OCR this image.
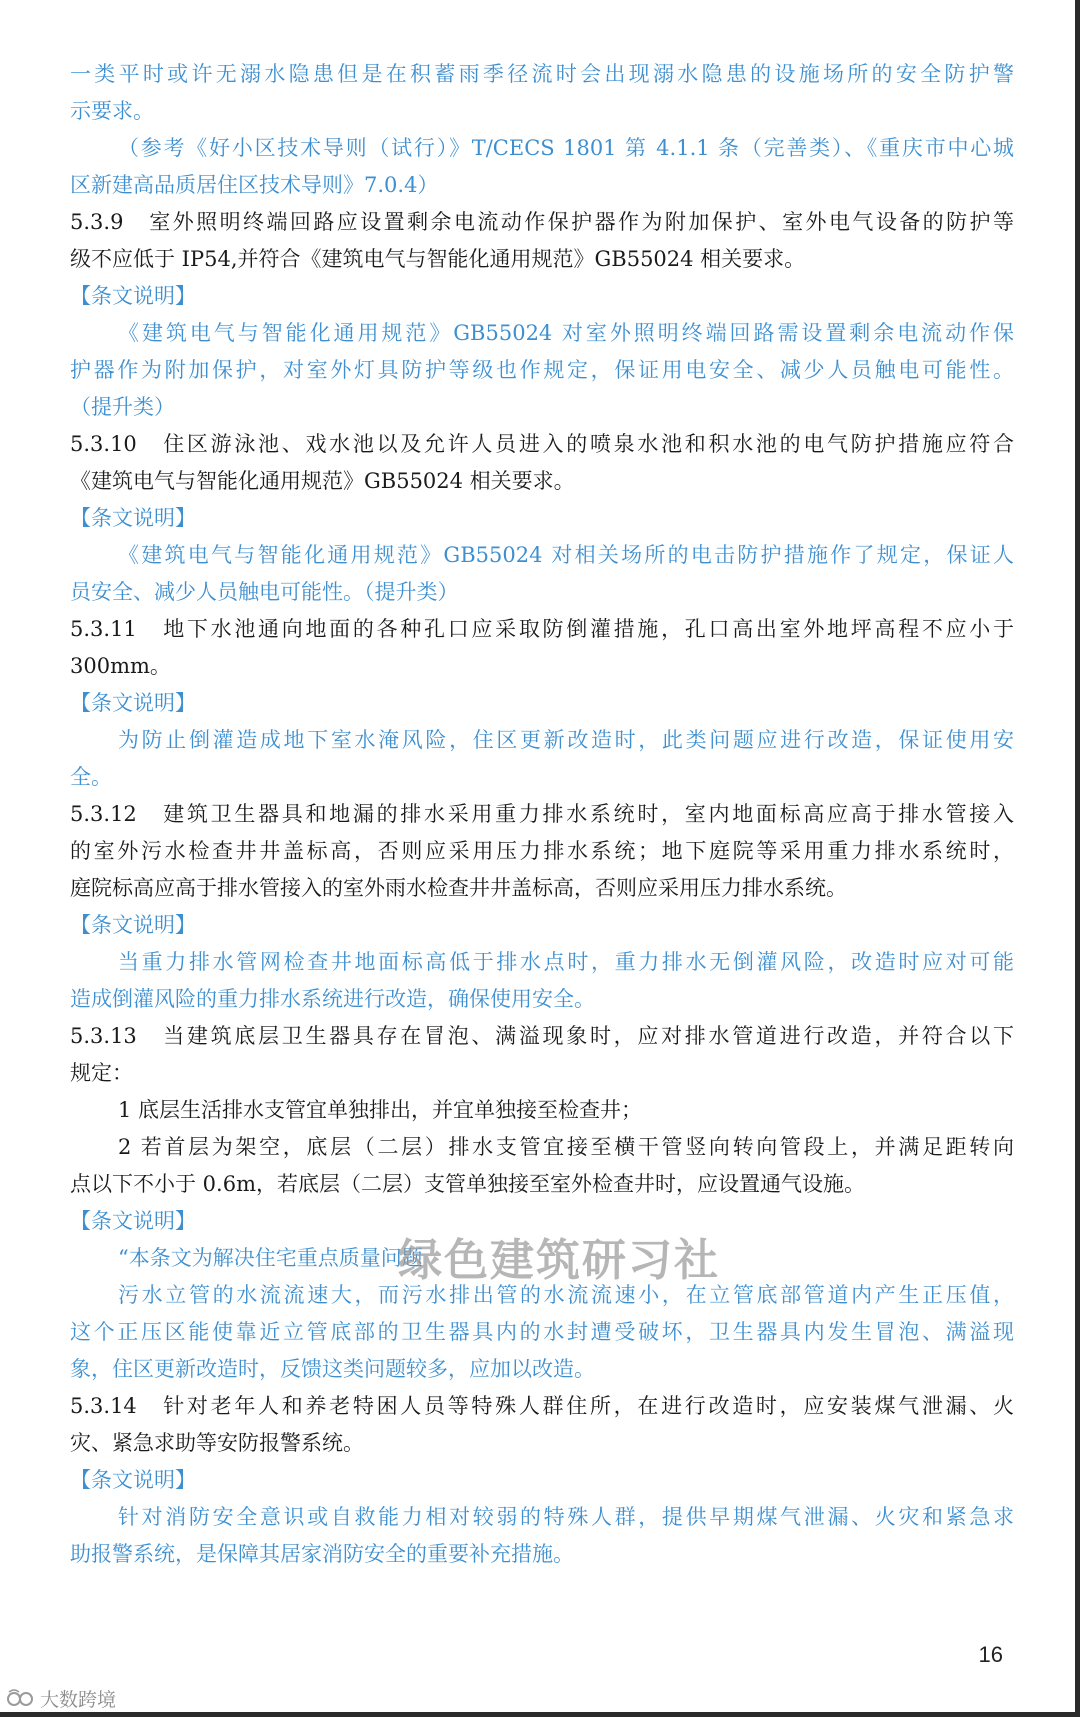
一类平时或许无溺水隐患但是在积蓄雨季径流时会出现溺水隐患的设施场所的安全防护警
示要求。
（参考《好小区技术导则（试行）》T/CECS 1801 第 4.1.1 条（完善类）、《重庆市中心城
区新建高品质居住区技术导则》7.0.4）
5.3.9　室外照明终端回路应设置剩余电流动作保护器作为附加保护、室外电气设备的防护等
级不应低于 IP54,并符合《建筑电气与智能化通用规范》GB55024 相关要求。
【条文说明】
《建筑电气与智能化通用规范》GB55024 对室外照明终端回路需设置剩余电流动作保
护器作为附加保护，对室外灯具防护等级也作规定，保证用电安全、减少人员触电可能性。
（提升类）
5.3.10　住区游泳池、戏水池以及允许人员进入的喷泉水池和积水池的电气防护措施应符合
《建筑电气与智能化通用规范》GB55024 相关要求。
【条文说明】
《建筑电气与智能化通用规范》GB55024 对相关场所的电击防护措施作了规定，保证人
员安全、减少人员触电可能性。（提升类）
5.3.11　地下水池通向地面的各种孔口应采取防倒灌措施，孔口高出室外地坪高程不应小于
300mm。
【条文说明】
为防止倒灌造成地下室水淹风险，住区更新改造时，此类问题应进行改造，保证使用安
全。
5.3.12　建筑卫生器具和地漏的排水采用重力排水系统时，室内地面标高应高于排水管接入
的室外污水检查井井盖标高，否则应采用压力排水系统；地下庭院等采用重力排水系统时，
庭院标高应高于排水管接入的室外雨水检查井井盖标高，否则应采用压力排水系统。
【条文说明】
当重力排水管网检查井地面标高低于排水点时，重力排水无倒灌风险，改造时应对可能
造成倒灌风险的重力排水系统进行改造，确保使用安全。
5.3.13　当建筑底层卫生器具存在冒泡、满溢现象时，应对排水管道进行改造，并符合以下
规定：
1 底层生活排水支管宜单独排出，并宜单独接至检查井；
2 若首层为架空，底层（二层）排水支管宜接至横干管竖向转向管段上，并满足距转向
点以下不小于 0.6m，若底层（二层）支管单独接至室外检查井时，应设置通气设施。
【条文说明】
“本条文为解决住宅重点质量问题
污水立管的水流流速大，而污水排出管的水流流速小，在立管底部管道内产生正压值，
这个正压区能使靠近立管底部的卫生器具内的水封遭受破坏，卫生器具内发生冒泡、满溢现
象，住区更新改造时，反馈这类问题较多，应加以改造。
5.3.14　针对老年人和养老特困人员等特殊人群住所，在进行改造时，应安装煤气泄漏、火
灾、紧急求助等安防报警系统。
【条文说明】
针对消防安全意识或自救能力相对较弱的特殊人群，提供早期煤气泄漏、火灾和紧急求
助报警系统，是保障其居家消防安全的重要补充措施。
绿色建筑研习社
16
大数跨境
